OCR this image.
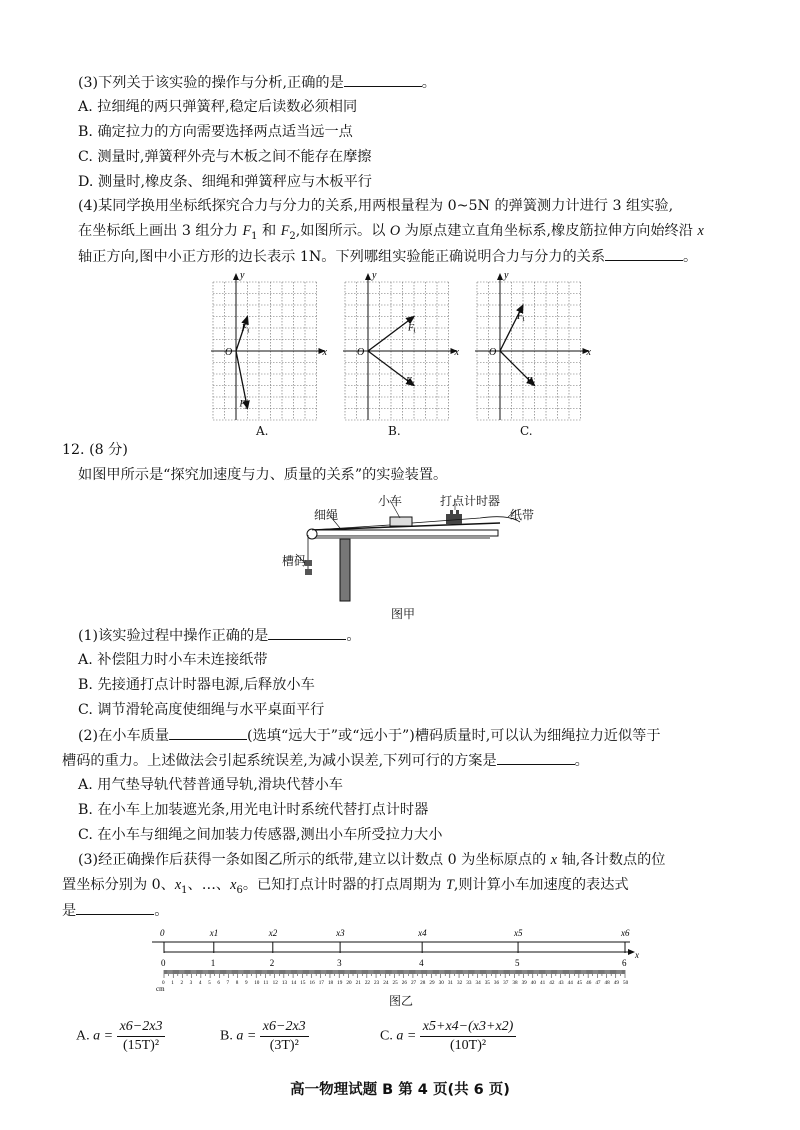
(3)下列关于该实验的操作与分析,正确的是	。
A. 拉细绳的两只弹簧秤,稳定后读数必须相同
B. 确定拉力的方向需要选择两点适当远一点
C. 测量时,弹簧秤外壳与木板之间不能存在摩擦
D. 测量时,橡皮条、细绳和弹簧秤应与木板平行
(4)某同学换用坐标纸探究合力与分力的关系,用两根量程为 0~5N 的弹簧测力计进行 3 组实验,
在坐标纸上画出 3 组分力 $F_1$ 和 $F_2$,如图所示。以 O 为原点建立直角坐标系,橡皮筋拉伸方向始终沿 x
轴正方向,图中小正方形的边长表示 1N。下列哪组实验能正确说明合力与分力的关系	。
x
y
O
F 1
F 2
x
y
O
F 1
F 2
x
y
O
F 1
F 2
A.	B.	C.
12. (8 分)
如图甲所示是“探究加速度与力、质量的关系”的实验装置。
小车	打点计时器
细绳	纸带
槽码
图甲
(1)该实验过程中操作正确的是	。
A. 补偿阻力时小车未连接纸带
B. 先接通打点计时器电源,后释放小车
C. 调节滑轮高度使细绳与水平桌面平行
(2)在小车质量	(选填“远大于”或“远小于”)槽码质量时,可以认为细绳拉力近似等于
槽码的重力。上述做法会引起系统误差,为减小误差,下列可行的方案是	。
A. 用气垫导轨代替普通导轨,滑块代替小车
B. 在小车上加装遮光条,用光电计时系统代替打点计时器
C. 在小车与细绳之间加装力传感器,测出小车所受拉力大小
(3)经正确操作后获得一条如图乙所示的纸带,建立以计数点 0 为坐标原点的 x 轴,各计数点的位
置坐标分别为 0、$x_1$、…、$x_6$。已知打点计时器的打点周期为 T,则计算小车加速度的表达式
是	。
0
0
x1
1
x2
2
x3
3
x4
4
x5
5
x6
6
x
0 1 2 3 4 5 6 7 8 9 10 11 12 13 14 15 16 17 18 19 20 21 22 23 24 25 26 27 28 29 30 31 32 33 34 35 36 37 38 39 40 41 42 43 44 45 46 47 48 49 50
cm
图乙
A. $a = \frac{x6-2x3}{\text{(15T)²}}$	B. $a = \frac{x6-2x3}{\text{(3T)²}}$	C. $a = \frac{x5+x4-(x3+x2)}{\text{(10T)²}}$
高一物理试题 B 第 4 页(共 6 页)
